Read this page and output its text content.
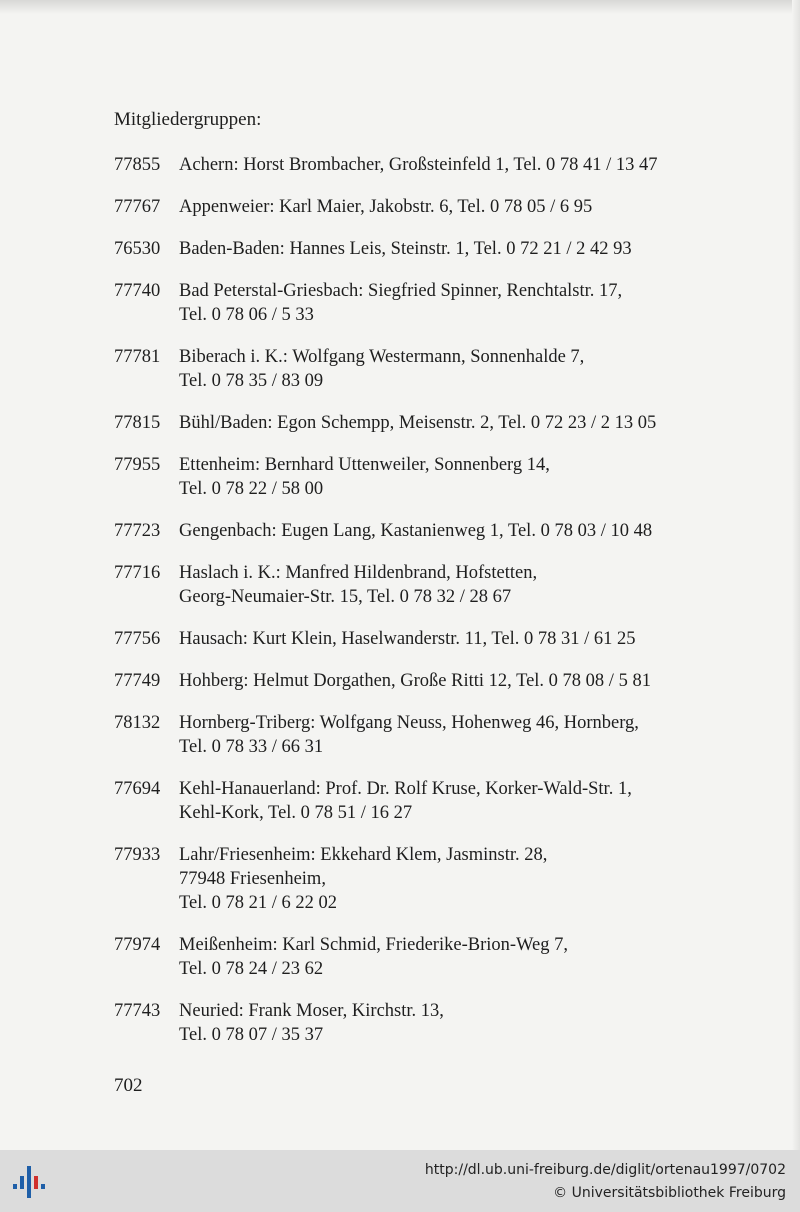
Mitgliedergruppen:
77855	Achern: Horst Brombacher, Großsteinfeld 1, Tel. 0 78 41 / 13 47
77767	Appenweier: Karl Maier, Jakobstr. 6, Tel. 0 78 05 / 6 95
76530	Baden-Baden: Hannes Leis, Steinstr. 1, Tel. 0 72 21 / 2 42 93
77740	Bad Peterstal-Griesbach: Siegfried Spinner, Renchtalstr. 17,
Tel. 0 78 06 / 5 33
77781	Biberach i. K.: Wolfgang Westermann, Sonnenhalde 7,
Tel. 0 78 35 / 83 09
77815	Bühl/Baden: Egon Schempp, Meisenstr. 2, Tel. 0 72 23 / 2 13 05
77955	Ettenheim: Bernhard Uttenweiler, Sonnenberg 14,
Tel. 0 78 22 / 58 00
77723	Gengenbach: Eugen Lang, Kastanienweg 1, Tel. 0 78 03 / 10 48
77716	Haslach i. K.: Manfred Hildenbrand, Hofstetten,
Georg-Neumaier-Str. 15, Tel. 0 78 32 / 28 67
77756	Hausach: Kurt Klein, Haselwanderstr. 11, Tel. 0 78 31 / 61 25
77749	Hohberg: Helmut Dorgathen, Große Ritti 12, Tel. 0 78 08 / 5 81
78132	Hornberg-Triberg: Wolfgang Neuss, Hohenweg 46, Hornberg,
Tel. 0 78 33 / 66 31
77694	Kehl-Hanauerland: Prof. Dr. Rolf Kruse, Korker-Wald-Str. 1,
Kehl-Kork, Tel. 0 78 51 / 16 27
77933	Lahr/Friesenheim: Ekkehard Klem, Jasminstr. 28,
77948 Friesenheim,
Tel. 0 78 21 / 6 22 02
77974	Meißenheim: Karl Schmid, Friederike-Brion-Weg 7,
Tel. 0 78 24 / 23 62
77743	Neuried: Frank Moser, Kirchstr. 13,
Tel. 0 78 07 / 35 37
702
http://dl.ub.uni-freiburg.de/diglit/ortenau1997/0702
© Universitätsbibliothek Freiburg
